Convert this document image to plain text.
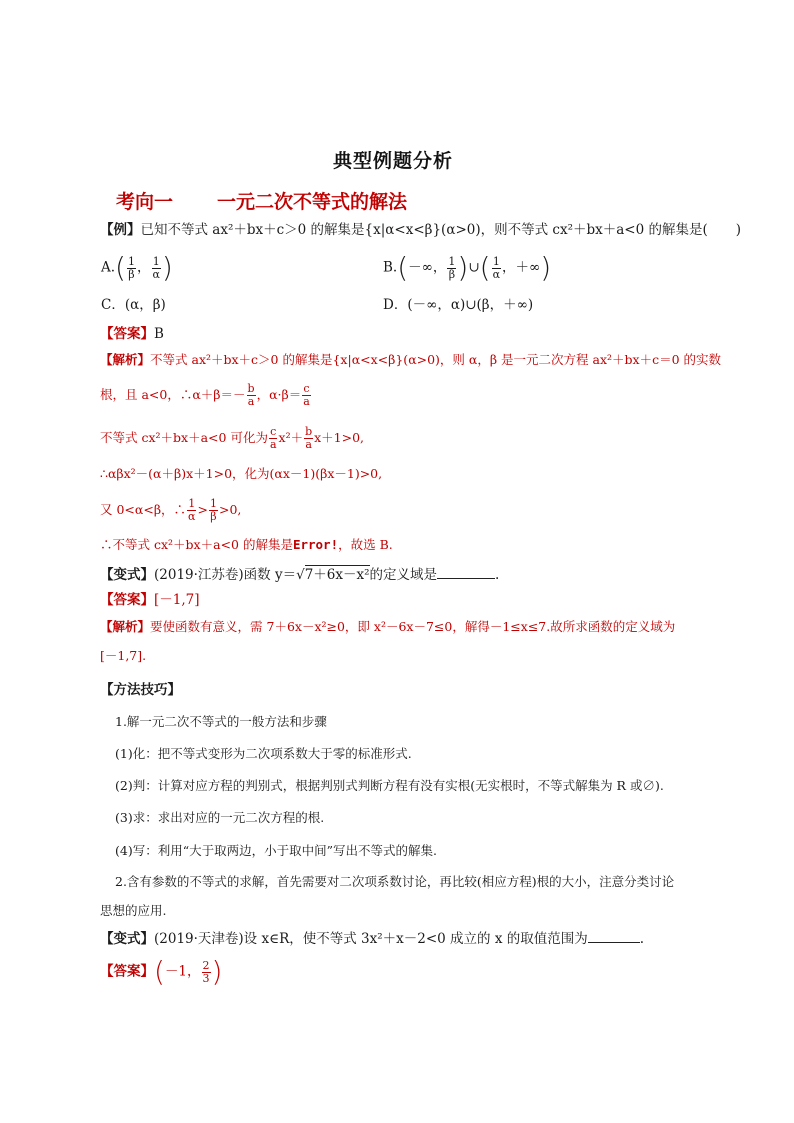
典型例题分析
考向一 一元二次不等式的解法
【例】已知不等式 ax²＋bx＋c＞0 的解集是{x|α<x<β}(α>0)，则不等式 cx²＋bx＋a<0 的解集是( )
$A.( \frac{1}{\beta}$ ， $\frac{1}{\alpha}$ )	B.(－∞， $\frac{1}{\beta}$ )∪( $\frac{1}{\alpha}$ ，＋∞)
C．(α，β)	D．(－∞，α)∪(β，＋∞)
【答案】B
【解析】不等式 ax²＋bx＋c＞0 的解集是{x|α<x<β}(α>0)，则 α，β 是一元二次方程 ax²＋bx＋c＝0 的实数
根，且 a<0，∴α＋β＝－ $\frac{b}{a}$ ，$\alpha\cdot\beta= \frac{c}{a}$
不等式 cx²＋bx＋a<0 可化为 $\frac{c}{a} x^2+ \frac{b}{a} x+1>0$,
∴αβx²－(α＋β)x＋1>0，化为(αx－1)(βx－1)>0,
又 0<α<β，∴ $\frac{1}{\alpha} > \frac{1}{\beta} >0$,
∴不等式 cx²＋bx＋a<0 的解集是Error!，故选 B.
【变式】(2019·江苏卷)函数 y＝√7＋6x－x²的定义域是	.
【答案】[－1,7]
【解析】要使函数有意义，需 7＋6x－x²≥0，即 x²－6x－7≤0，解得－1≤x≤7.故所求函数的定义域为
[－1,7].
【方法技巧】
1.解一元二次不等式的一般方法和步骤
(1)化：把不等式变形为二次项系数大于零的标准形式.
(2)判：计算对应方程的判别式，根据判别式判断方程有没有实根(无实根时，不等式解集为 R 或∅).
(3)求：求出对应的一元二次方程的根.
(4)写：利用“大于取两边，小于取中间”写出不等式的解集.
2.含有参数的不等式的求解，首先需要对二次项系数讨论，再比较(相应方程)根的大小，注意分类讨论
思想的应用.
【变式】(2019·天津卷)设 x∈R，使不等式 3x²＋x－2<0 成立的 x 的取值范围为	.
【答案】(－1， $\frac{2}{3}$ )
